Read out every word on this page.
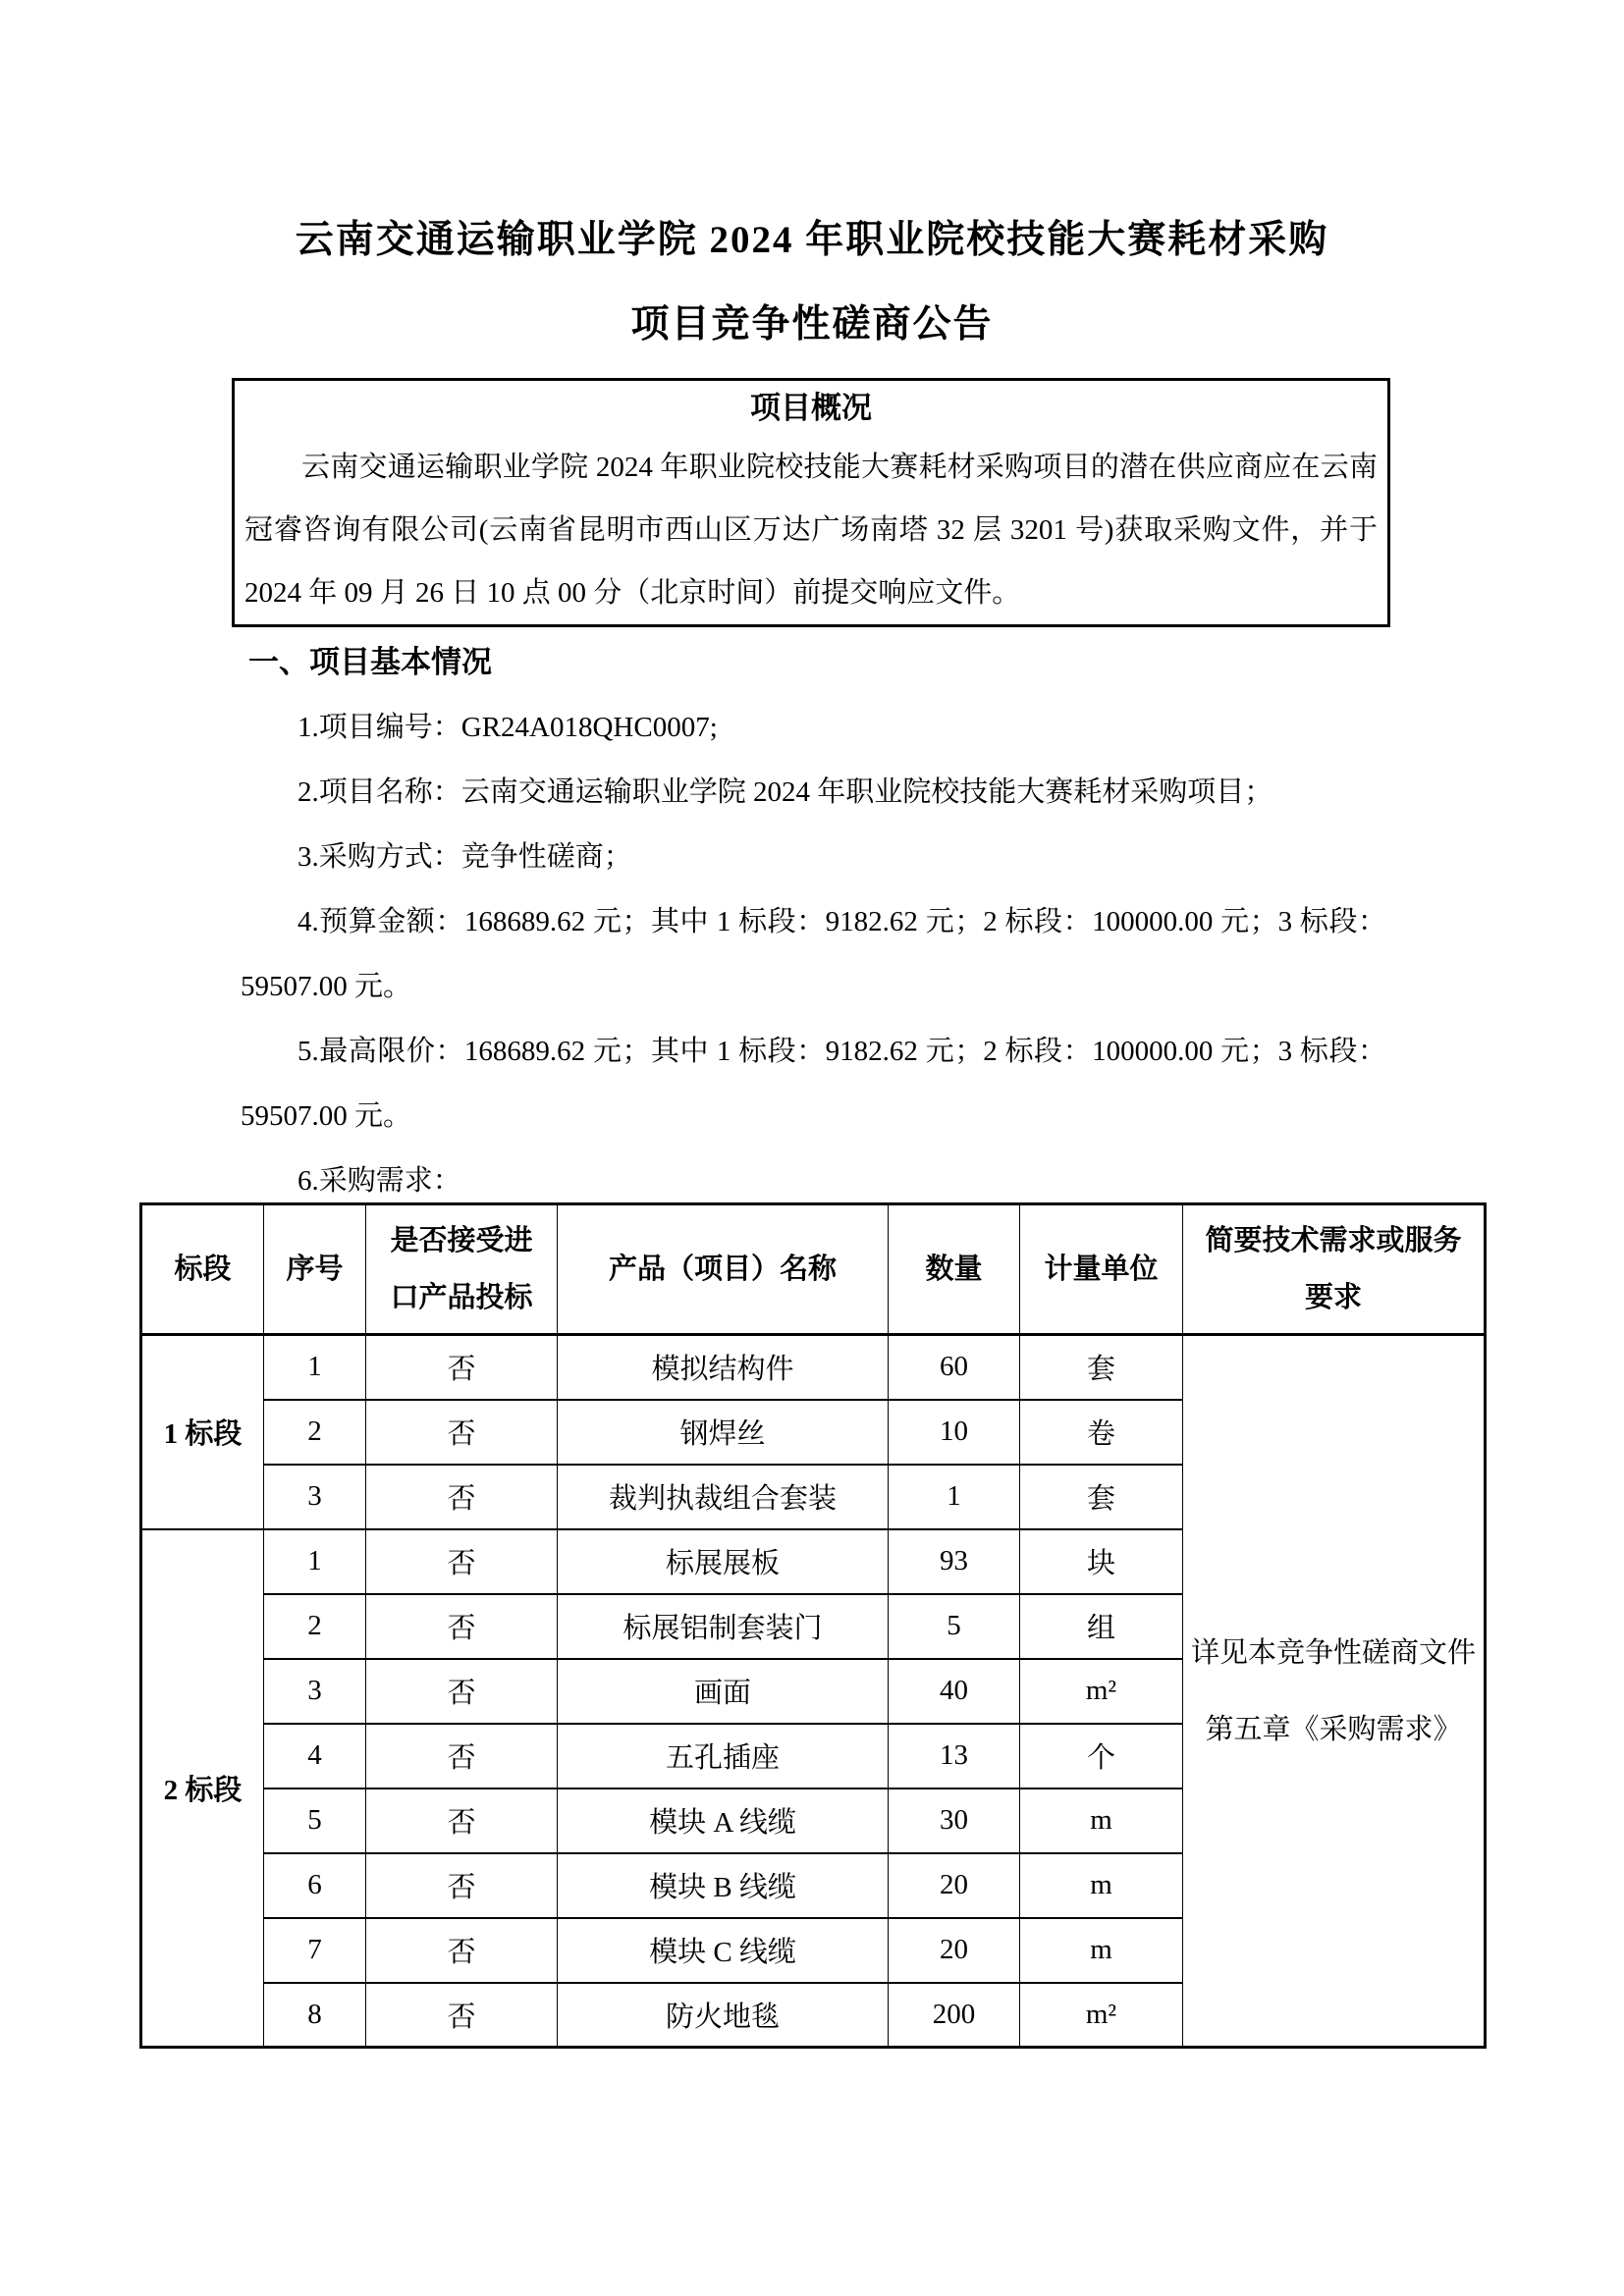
云南交通运输职业学院 2024 年职业院校技能大赛耗材采购
项目竞争性磋商公告
项目概况

云南交通运输职业学院 2024 年职业院校技能大赛耗材采购项目的潜在供应商应在云南冠睿咨询有限公司(云南省昆明市西山区万达广场南塔 32 层 3201 号)获取采购文件，并于 2024 年 09 月 26 日 10 点 00 分（北京时间）前提交响应文件。

一、项目基本情况

1.项目编号：GR24A018QHC0007;

2.项目名称：云南交通运输职业学院 2024 年职业院校技能大赛耗材采购项目；

3.采购方式：竞争性磋商；

4.预算金额：168689.62 元；其中 1 标段：9182.62 元；2 标段：100000.00 元；3 标段：59507.00 元。

5.最高限价：168689.62 元；其中 1 标段：9182.62 元；2 标段：100000.00 元；3 标段：59507.00 元。

6.采购需求：

标段	序号	是否接受进口产品投标	产品（项目）名称	数量	计量单位	简要技术需求或服务要求
1 标段	1	否	模拟结构件	60	套	详见本竞争性磋商文件第五章《采购需求》
	2	否	钢焊丝	10	卷	
	3	否	裁判执裁组合套装	1	套	
2 标段	1	否	标展展板	93	块	
	2	否	标展铝制套装门	5	组	
	3	否	画面	40	m²	
	4	否	五孔插座	13	个	
	5	否	模块 A 线缆	30	m	
	6	否	模块 B 线缆	20	m	
	7	否	模块 C 线缆	20	m	
	8	否	防火地毯	200	m²	
